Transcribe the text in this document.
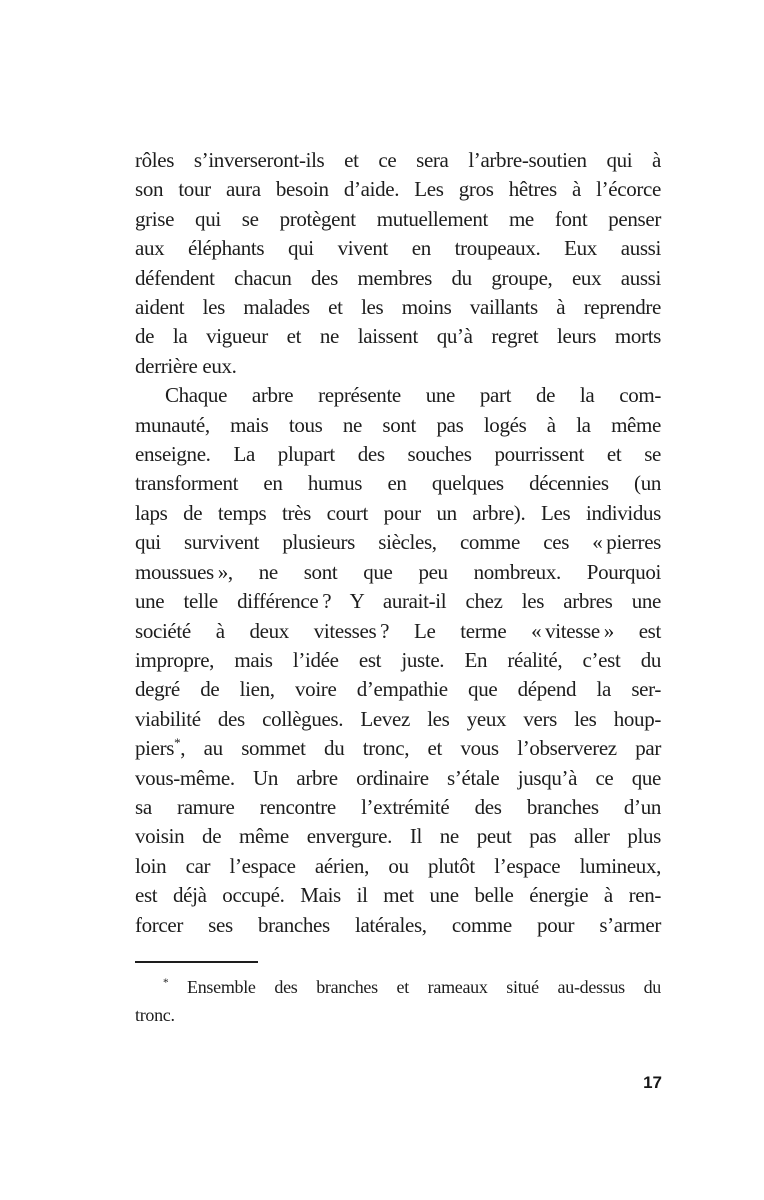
rôles s’inverseront-ils et ce sera l’arbre-soutien qui à
son tour aura besoin d’aide. Les gros hêtres à l’écorce
grise qui se protègent mutuellement me font penser
aux éléphants qui vivent en troupeaux. Eux aussi
défendent chacun des membres du groupe, eux aussi
aident les malades et les moins vaillants à reprendre
de la vigueur et ne laissent qu’à regret leurs morts
derrière eux.
Chaque arbre représente une part de la com-
munauté, mais tous ne sont pas logés à la même
enseigne. La plupart des souches pourrissent et se
transforment en humus en quelques décennies (un
laps de temps très court pour un arbre). Les individus
qui survivent plusieurs siècles, comme ces « pierres
moussues », ne sont que peu nombreux. Pourquoi
une telle différence ? Y aurait-il chez les arbres une
société à deux vitesses ? Le terme « vitesse » est
impropre, mais l’idée est juste. En réalité, c’est du
degré de lien, voire d’empathie que dépend la ser-
viabilité des collègues. Levez les yeux vers les houp-
piers*, au sommet du tronc, et vous l’observerez par
vous-même. Un arbre ordinaire s’étale jusqu’à ce que
sa ramure rencontre l’extrémité des branches d’un
voisin de même envergure. Il ne peut pas aller plus
loin car l’espace aérien, ou plutôt l’espace lumineux,
est déjà occupé. Mais il met une belle énergie à ren-
forcer ses branches latérales, comme pour s’armer
* Ensemble des branches et rameaux situé au-dessus du
tronc.
17
